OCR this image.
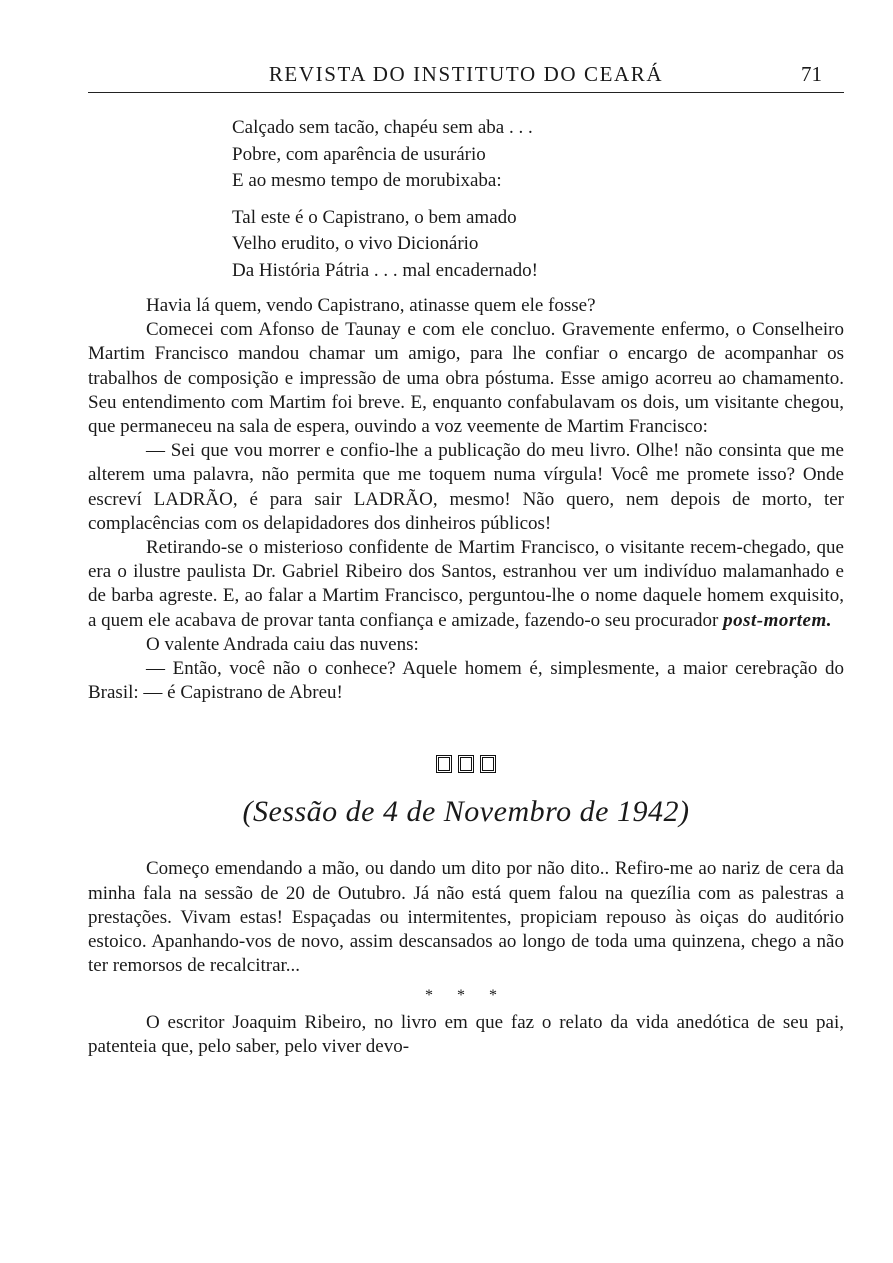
REVISTA DO INSTITUTO DO CEARÁ	71
Calçado sem tacão, chapéu sem aba . . .
Pobre, com aparência de usurário
E ao mesmo tempo de morubixaba:
Tal este é o Capistrano, o bem amado
Velho erudito, o vivo Dicionário
Da História Pátria . . . mal encadernado!

Havia lá quem, vendo Capistrano, atinasse quem ele fosse?

Comecei com Afonso de Taunay e com ele concluo. Gravemente enfermo, o Conselheiro Martim Francisco mandou chamar um amigo, para lhe confiar o encargo de acompanhar os trabalhos de composição e impressão de uma obra póstuma. Esse amigo acorreu ao chamamento. Seu entendimento com Martim foi breve. E, enquanto confabulavam os dois, um visitante chegou, que permaneceu na sala de espera, ouvindo a voz veemente de Martim Francisco:

— Sei que vou morrer e confio-lhe a publicação do meu livro. Olhe! não consinta que me alterem uma palavra, não permita que me toquem numa vírgula! Você me promete isso? Onde escreví LADRÃO, é para sair LADRÃO, mesmo! Não quero, nem depois de morto, ter complacências com os delapidadores dos dinheiros públicos!

Retirando-se o misterioso confidente de Martim Francisco, o visitante recem-chegado, que era o ilustre paulista Dr. Gabriel Ribeiro dos Santos, estranhou ver um indivíduo malamanhado e de barba agreste. E, ao falar a Martim Francisco, perguntou-lhe o nome daquele homem exquisito, a quem ele acabava de provar tanta confiança e amizade, fazendo-o seu procurador post-mortem.

O valente Andrada caiu das nuvens:

— Então, você não o conhece? Aquele homem é, simplesmente, a maior cerebração do Brasil: — é Capistrano de Abreu!

(Sessão de 4 de Novembro de 1942)

Começo emendando a mão, ou dando um dito por não dito.. Refiro-me ao nariz de cera da minha fala na sessão de 20 de Outubro. Já não está quem falou na quezília com as palestras a prestações. Vivam estas! Espaçadas ou intermitentes, propiciam repouso às oiças do auditório estoico. Apanhando-vos de novo, assim descansados ao longo de toda uma quinzena, chego a não ter remorsos de recalcitrar...

* * *

O escritor Joaquim Ribeiro, no livro em que faz o relato da vida anedótica de seu pai, patenteia que, pelo saber, pelo viver devo-
